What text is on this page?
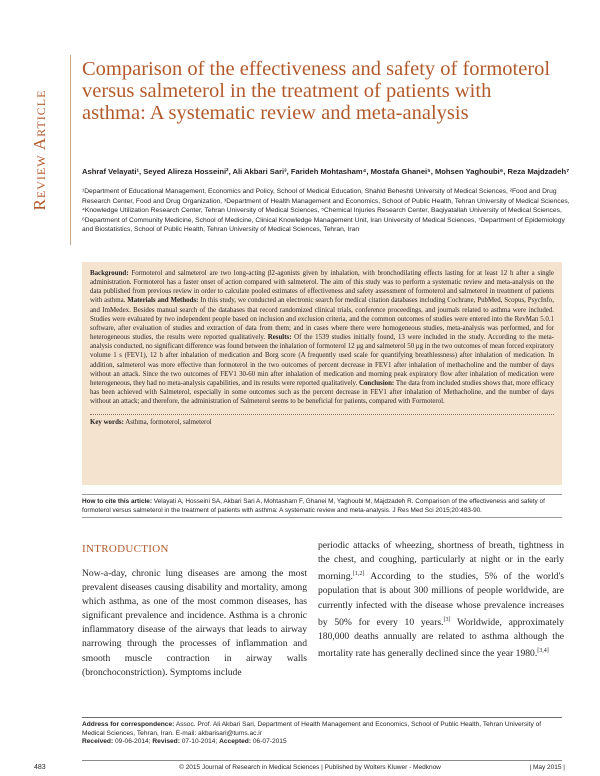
Review Article
Comparison of the effectiveness and safety of formoterol versus salmeterol in the treatment of patients with asthma: A systematic review and meta-analysis
Ashraf Velayati¹, Seyed Alireza Hosseini², Ali Akbari Sari³, Farideh Mohtasham⁴, Mostafa Ghanei⁵, Mohsen Yaghoubi⁶, Reza Majdzadeh⁷
¹Department of Educational Management, Economics and Policy, School of Medical Education, Shahid Beheshti University of Medical Sciences, ²Food and Drug Research Center, Food and Drug Organization, ³Department of Health Management and Economics, School of Public Health, Tehran University of Medical Sciences, ⁴Knowledge Utilization Research Center, Tehran University of Medical Sciences, ⁵Chemical Injuries Research Center, Baqiyatallah University of Medical Sciences, ⁶Department of Community Medicine, School of Medicine, Clinical Knowledge Management Unit, Iran University of Medical Sciences, ⁷Department of Epidemiology and Biostatistics, School of Public Health, Tehran University of Medical Sciences, Tehran, Iran

Background: Formoterol and salmeterol are two long-acting β2-agonists given by inhalation, with bronchodilating effects lasting for at least 12 h after a single administration. Formoterol has a faster onset of action compared with salmeterol. The aim of this study was to perform a systematic review and meta-analysis on the data published from previous review in order to calculate pooled estimates of effectiveness and safety assessment of formoterol and salmeterol in treatment of patients with asthma. Materials and Methods: In this study, we conducted an electronic search for medical citation databases including Cochrane, PubMed, Scopus, PsycInfo, and ImMedex. Besides manual search of the databases that record randomized clinical trials, conference proceedings, and journals related to asthma were included. Studies were evaluated by two independent people based on inclusion and exclusion criteria, and the common outcomes of studies were entered into the RevMan 5.0.1 software, after evaluation of studies and extraction of data from them; and in cases where there were homogeneous studies, meta-analysis was performed, and for heterogeneous studies, the results were reported qualitatively. Results: Of the 1539 studies initially found, 13 were included in the study. According to the meta-analysis conducted, no significant difference was found between the inhalation of formoterol 12 μg and salmeterol 50 μg in the two outcomes of mean forced expiratory volume 1 s (FEV1), 12 h after inhalation of medication and Borg score (A frequently used scale for quantifying breathlessness) after inhalation of medication. In addition, salmeterol was more effective than formoterol in the two outcomes of percent decrease in FEV1 after inhalation of methacholine and the number of days without an attack. Since the two outcomes of FEV1 30-60 min after inhalation of medication and morning peak expiratory flow after inhalation of medication were heterogeneous, they had no meta-analysis capabilities, and its results were reported qualitatively. Conclusion: The data from included studies shows that, more efficacy has been achieved with Salmeterol, especially in some outcomes such as the percent decrease in FEV1 after inhalation of Methacholine, and the number of days without an attack; and therefore, the administration of Salmeterol seems to be beneficial for patients, compared with Formoterol.

Key words: Asthma, formoterol, salmeterol

How to cite this article: Velayati A, Hosseini SA, Akbari Sari A, Mohtasham F, Ghanei M, Yaghoubi M, Majdzadeh R. Comparison of the effectiveness and safety of formoterol versus salmeterol in the treatment of patients with asthma: A systematic review and meta-analysis. J Res Med Sci 2015;20:483-90.
INTRODUCTION

Now-a-day, chronic lung diseases are among the most prevalent diseases causing disability and mortality, among which asthma, as one of the most common diseases, has significant prevalence and incidence. Asthma is a chronic inflammatory disease of the airways that leads to airway narrowing through the processes of inflammation and smooth muscle contraction in airway walls (bronchoconstriction). Symptoms include

periodic attacks of wheezing, shortness of breath, tightness in the chest, and coughing, particularly at night or in the early morning.[1,2] According to the studies, 5% of the world's population that is about 300 millions of people worldwide, are currently infected with the disease whose prevalence increases by 50% for every 10 years.[3] Worldwide, approximately 180,000 deaths annually are related to asthma although the mortality rate has generally declined since the year 1980.[3,4]

Address for correspondence: Assoc. Prof. Ali Akbari Sari, Department of Health Management and Economics, School of Public Health, Tehran University of Medical Sciences, Tehran, Iran. E-mail: akbarisari@tums.ac.ir
Received: 09-06-2014; Revised: 07-10-2014; Accepted: 06-07-2015
483	© 2015 Journal of Research in Medical Sciences | Published by Wolters Kluwer - Medknow	| May 2015 |
